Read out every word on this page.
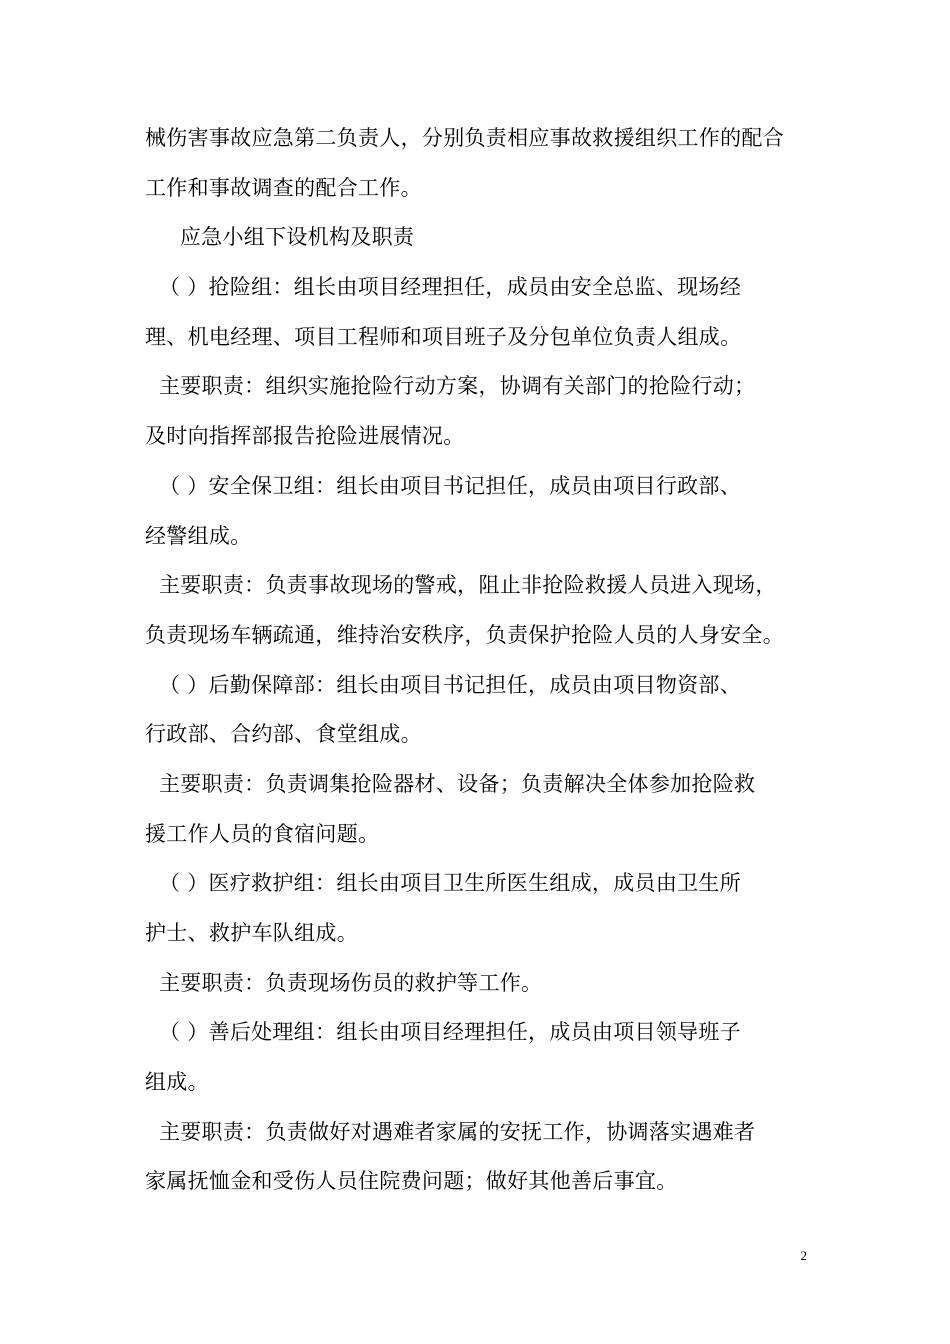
械伤害事故应急第二负责人，分别负责相应事故救援组织工作的配合
工作和事故调查的配合工作。
应急小组下设机构及职责
（ ）抢险组：组长由项目经理担任，成员由安全总监、现场经
理、机电经理、项目工程师和项目班子及分包单位负责人组成。
主要职责：组织实施抢险行动方案，协调有关部门的抢险行动；
及时向指挥部报告抢险进展情况。
（ ）安全保卫组：组长由项目书记担任，成员由项目行政部、
经警组成。
主要职责：负责事故现场的警戒，阻止非抢险救援人员进入现场，
负责现场车辆疏通，维持治安秩序，负责保护抢险人员的人身安全。
（ ）后勤保障部：组长由项目书记担任，成员由项目物资部、
行政部、合约部、食堂组成。
主要职责：负责调集抢险器材、设备；负责解决全体参加抢险救
援工作人员的食宿问题。
（ ）医疗救护组：组长由项目卫生所医生组成，成员由卫生所
护士、救护车队组成。
主要职责：负责现场伤员的救护等工作。
（ ）善后处理组：组长由项目经理担任，成员由项目领导班子
组成。
主要职责：负责做好对遇难者家属的安抚工作，协调落实遇难者
家属抚恤金和受伤人员住院费问题；做好其他善后事宜。
2
